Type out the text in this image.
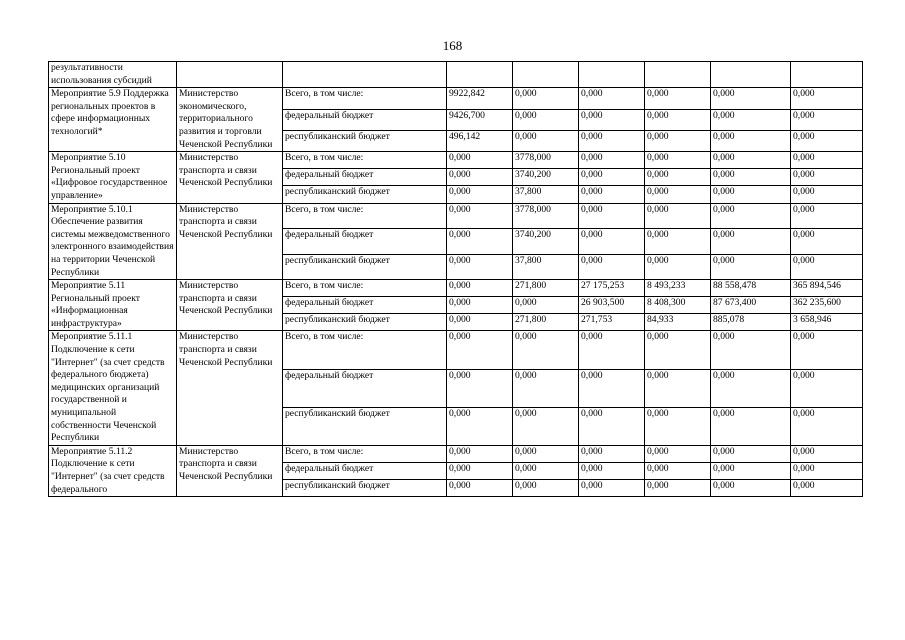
168
результативности использования субсидий								
Мероприятие 5.9 Поддержка региональных проектов в сфере информационных технологий*	Министерство экономического, территориального развития и торговли Чеченской Республики	Всего, в том числе:	9922,842	0,000	0,000	0,000	0,000	0,000
		федеральный бюджет	9426,700	0,000	0,000	0,000	0,000	0,000
		республиканский бюджет	496,142	0,000	0,000	0,000	0,000	0,000
Мероприятие 5.10 Региональный проект «Цифровое государственное управление»	Министерство транспорта и связи Чеченской Республики	Всего, в том числе:	0,000	3778,000	0,000	0,000	0,000	0,000
		федеральный бюджет	0,000	3740,200	0,000	0,000	0,000	0,000
		республиканский бюджет	0,000	37,800	0,000	0,000	0,000	0,000
Мероприятие 5.10.1 Обеспечение развития системы межведомственного электронного взаимодействия на территории Чеченской Республики	Министерство транспорта и связи Чеченской Республики	Всего, в том числе:	0,000	3778,000	0,000	0,000	0,000	0,000
		федеральный бюджет	0,000	3740,200	0,000	0,000	0,000	0,000
		республиканский бюджет	0,000	37,800	0,000	0,000	0,000	0,000
Мероприятие 5.11 Региональный проект «Информационная инфраструктура»	Министерство транспорта и связи Чеченской Республики	Всего, в том числе:	0,000	271,800	27 175,253	8 493,233	88 558,478	365 894,546
		федеральный бюджет	0,000	0,000	26 903,500	8 408,300	87 673,400	362 235,600
		республиканский бюджет	0,000	271,800	271,753	84,933	885,078	3 658,946
Мероприятие 5.11.1 Подключение к сети "Интернет" (за счет средств федерального бюджета) медицинских организаций государственной и муниципальной собственности Чеченской Республики	Министерство транспорта и связи Чеченской Республики	Всего, в том числе:	0,000	0,000	0,000	0,000	0,000	0,000
		федеральный бюджет	0,000	0,000	0,000	0,000	0,000	0,000
		республиканский бюджет	0,000	0,000	0,000	0,000	0,000	0,000
Мероприятие 5.11.2 Подключение к сети "Интернет" (за счет средств федерального	Министерство транспорта и связи Чеченской Республики	Всего, в том числе:	0,000	0,000	0,000	0,000	0,000	0,000
		федеральный бюджет	0,000	0,000	0,000	0,000	0,000	0,000
		республиканский бюджет	0,000	0,000	0,000	0,000	0,000	0,000
